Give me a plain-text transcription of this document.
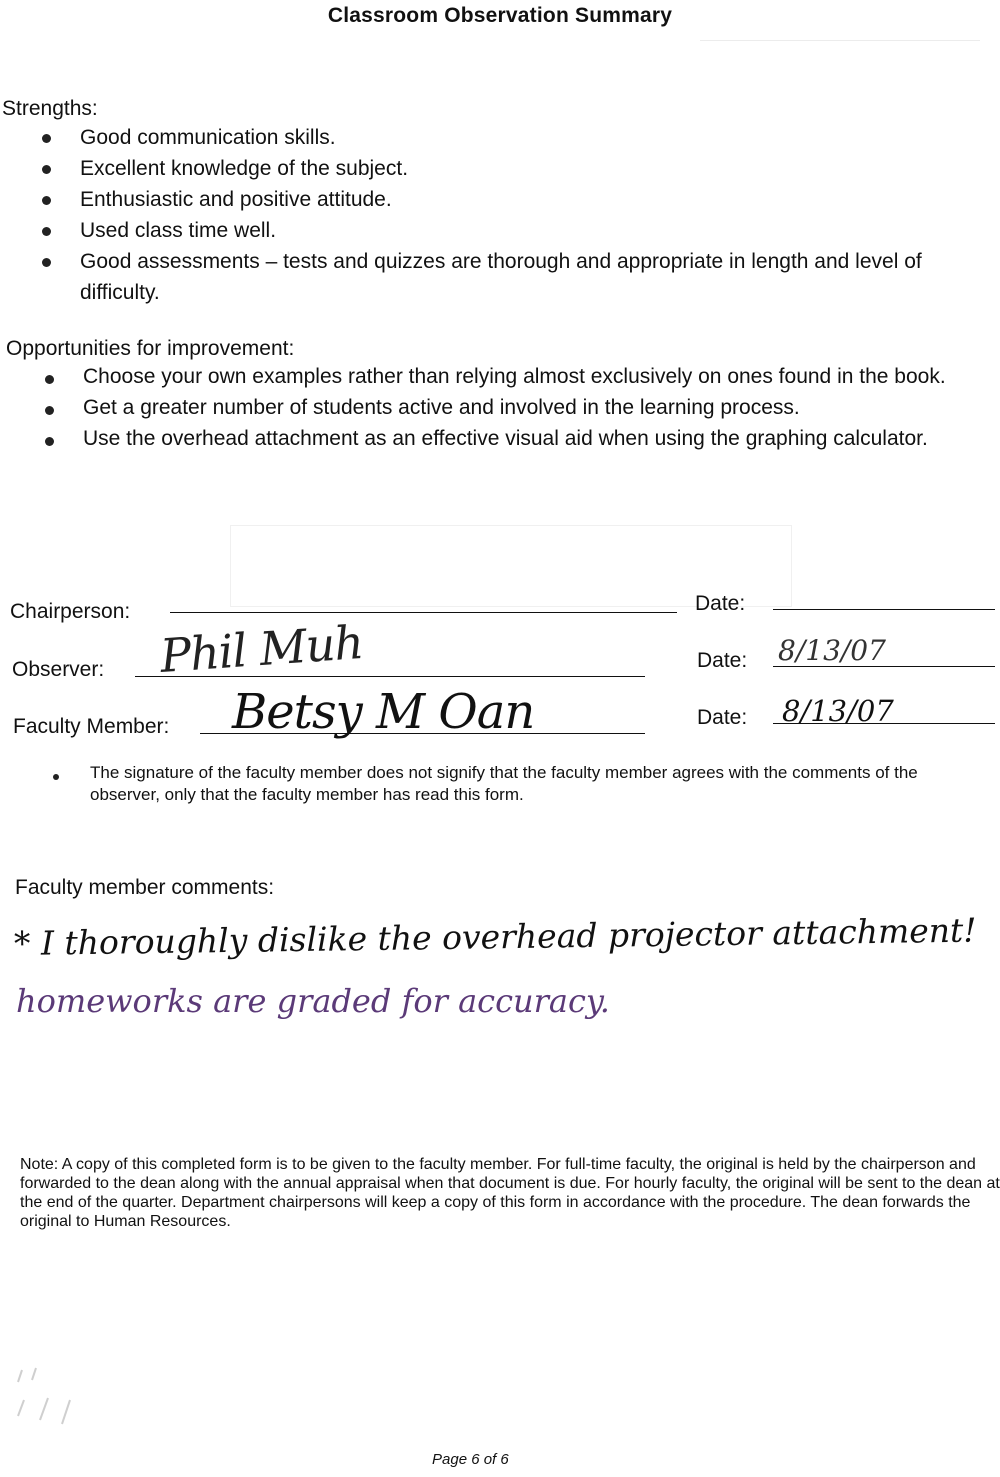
Classroom Observation Summary
Strengths:
Good communication skills.
Excellent knowledge of the subject.
Enthusiastic and positive attitude.
Used class time well.
Good assessments – tests and quizzes are thorough and appropriate in length and level of difficulty.
Opportunities for improvement:
Choose your own examples rather than relying almost exclusively on ones found in the book.
Get a greater number of students active and involved in the learning process.
Use the overhead attachment as an effective visual aid when using the graphing calculator.
Chairperson:	Date:
Observer: Phil Muh	Date: 8/13/07
Faculty Member: Betsy M Oan	Date: 8/13/07
The signature of the faculty member does not signify that the faculty member agrees with the comments of the observer, only that the faculty member has read this form.
Faculty member comments:
* I thoroughly dislike the overhead projector attachment!
homeworks are graded for accuracy.
Note: A copy of this completed form is to be given to the faculty member. For full-time faculty, the original is held by the chairperson and forwarded to the dean along with the annual appraisal when that document is due. For hourly faculty, the original will be sent to the dean at the end of the quarter. Department chairpersons will keep a copy of this form in accordance with the procedure. The dean forwards the original to Human Resources.
Page 6 of 6
